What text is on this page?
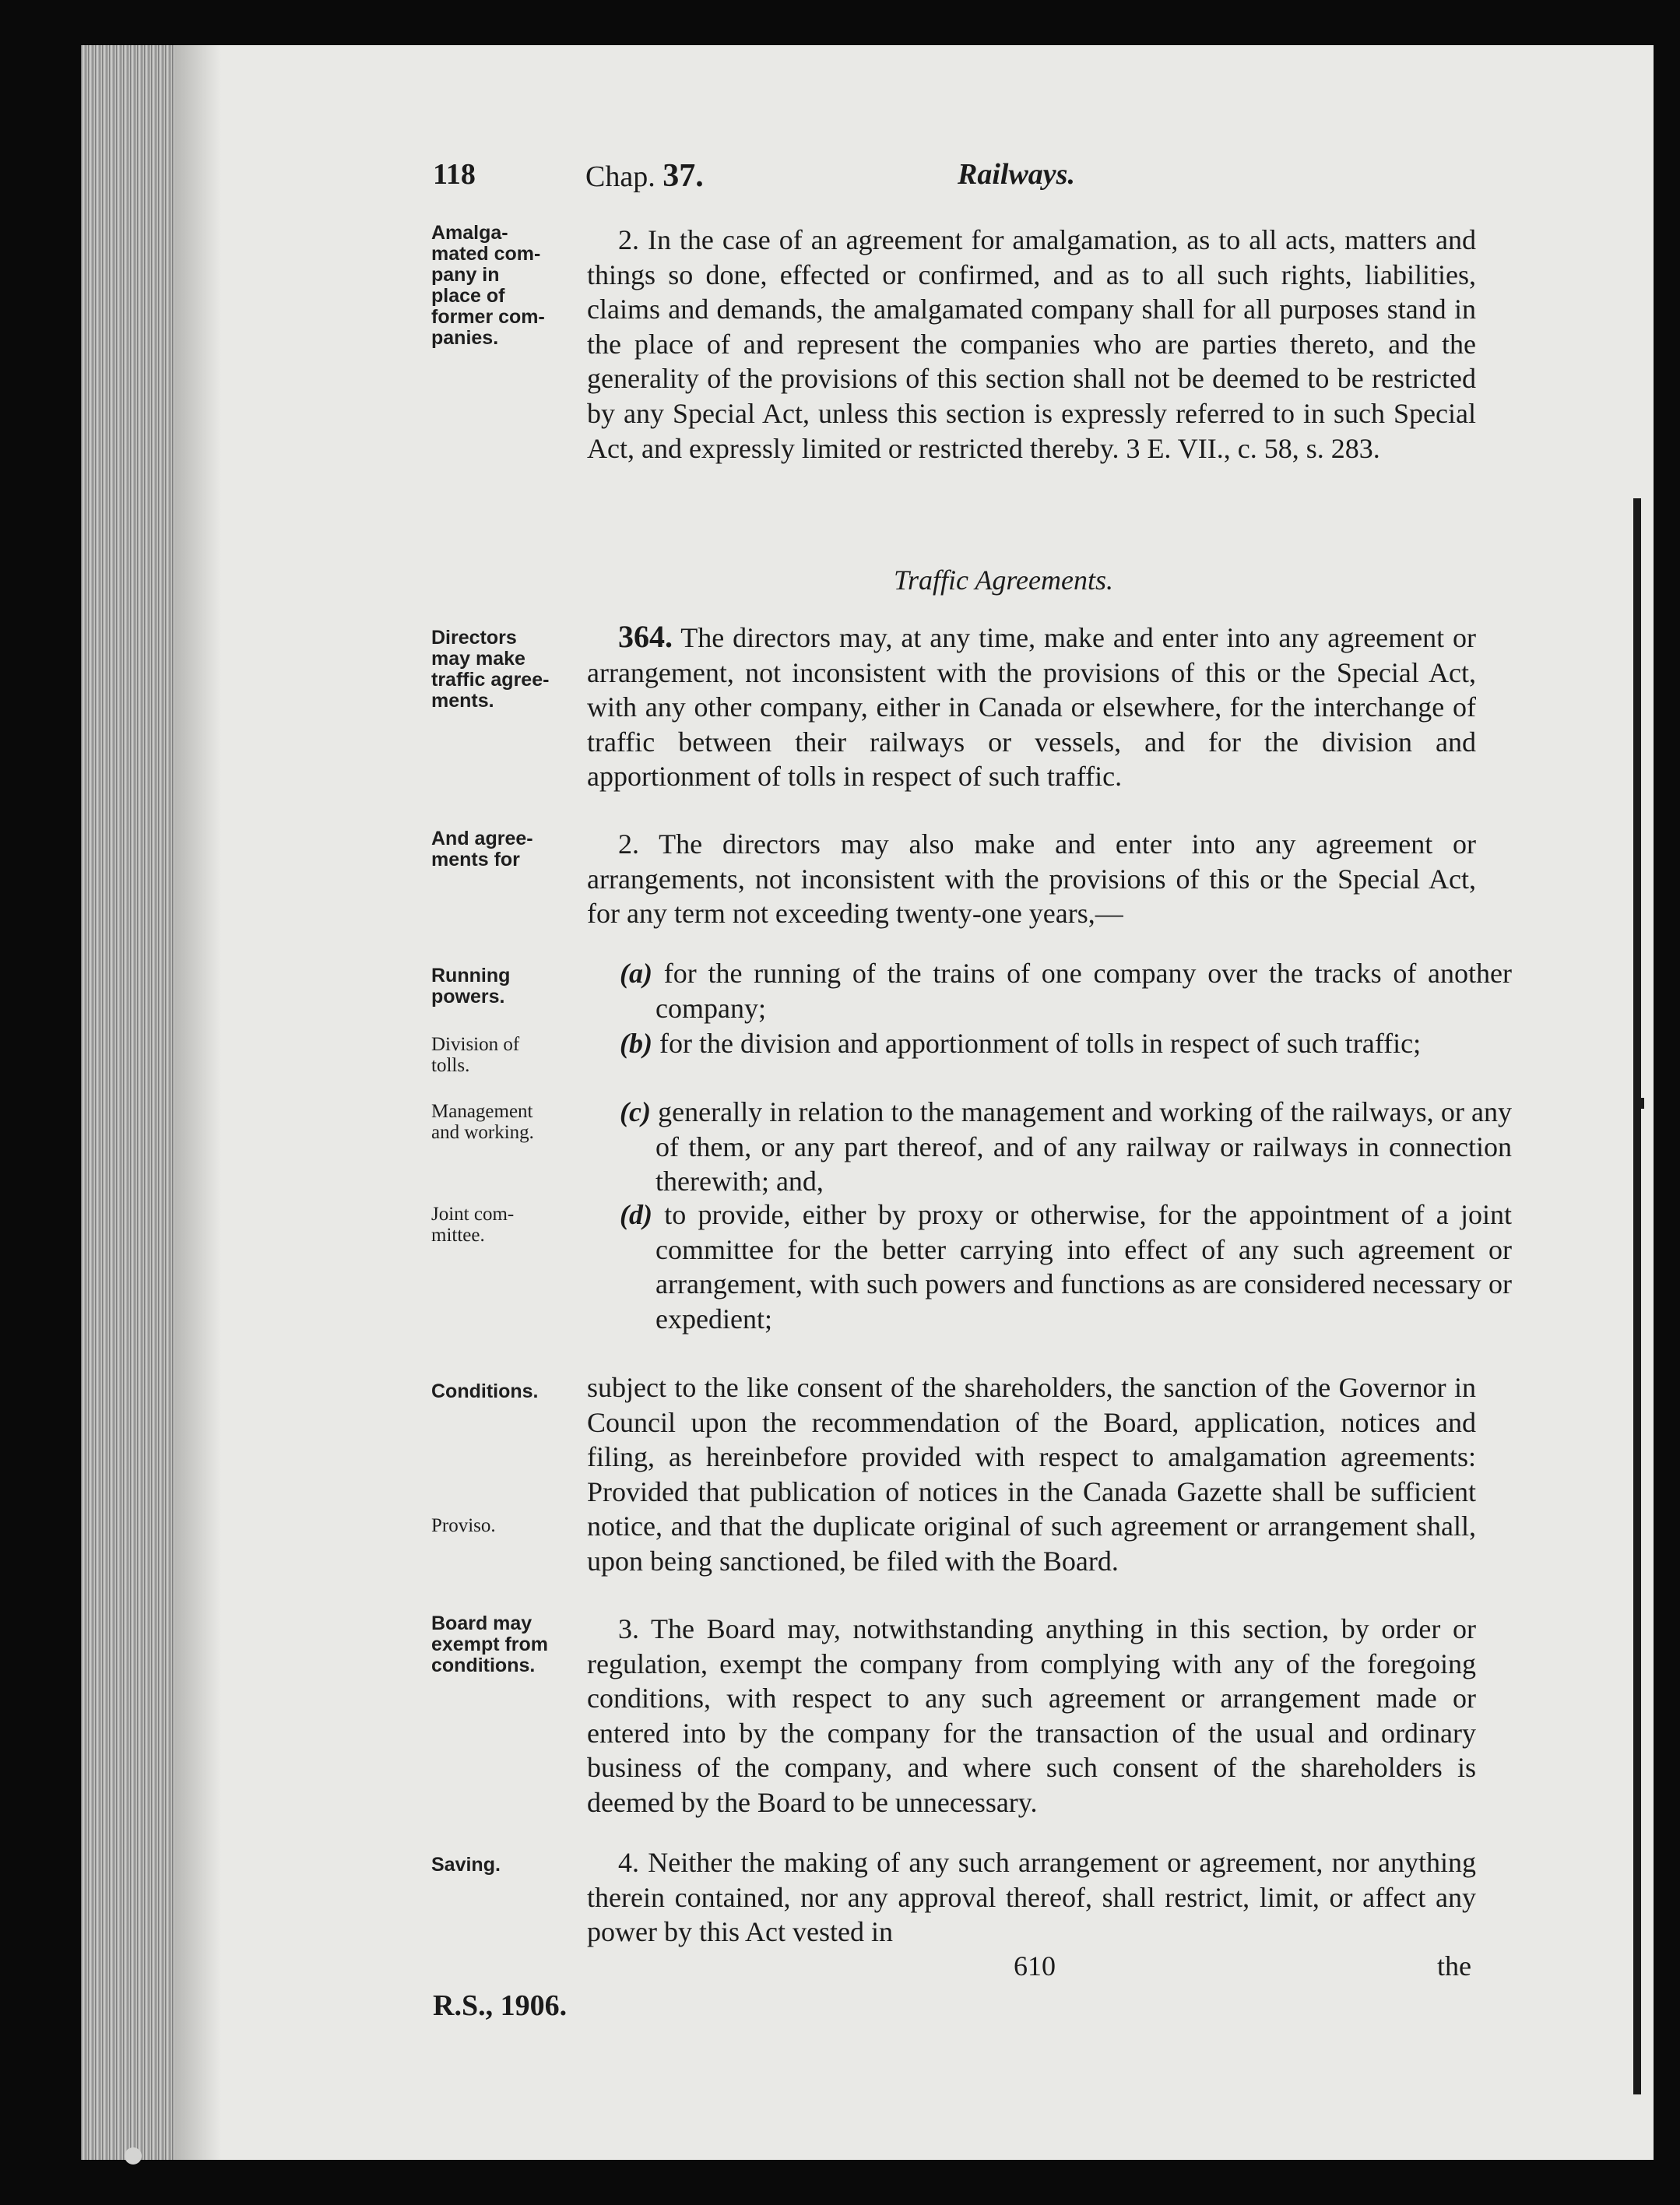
118	Chap. 37.	Railways.
Amalga-
mated com-
pany in
place of
former com-
panies.
Directors
may make
traffic agree-
ments.
And agree-
ments for
Running
powers.
Division of
tolls.
Management
and working.
Joint com-
mittee.
Conditions.
Proviso.
Board may
exempt from
conditions.
Saving.
2. In the case of an agreement for amalgamation, as to all acts, matters and things so done, effected or confirmed, and as to all such rights, liabilities, claims and demands, the amalgamated company shall for all purposes stand in the place of and represent the companies who are parties thereto, and the generality of the provisions of this section shall not be deemed to be restricted by any Special Act, unless this section is expressly referred to in such Special Act, and expressly limited or restricted thereby. 3 E. VII., c. 58, s. 283.
Traffic Agreements.
364. The directors may, at any time, make and enter into any agreement or arrangement, not inconsistent with the provisions of this or the Special Act, with any other company, either in Canada or elsewhere, for the interchange of traffic between their railways or vessels, and for the division and apportionment of tolls in respect of such traffic.
2. The directors may also make and enter into any agreement or arrangements, not inconsistent with the provisions of this or the Special Act, for any term not exceeding twenty-one years,—
(a) for the running of the trains of one company over the tracks of another company;
(b) for the division and apportionment of tolls in respect of such traffic;
(c) generally in relation to the management and working of the railways, or any of them, or any part thereof, and of any railway or railways in connection therewith; and,
(d) to provide, either by proxy or otherwise, for the appointment of a joint committee for the better carrying into effect of any such agreement or arrangement, with such powers and functions as are considered necessary or expedient;
subject to the like consent of the shareholders, the sanction of the Governor in Council upon the recommendation of the Board, application, notices and filing, as hereinbefore provided with respect to amalgamation agreements: Provided that publication of notices in the Canada Gazette shall be sufficient notice, and that the duplicate original of such agreement or arrangement shall, upon being sanctioned, be filed with the Board.
3. The Board may, notwithstanding anything in this section, by order or regulation, exempt the company from complying with any of the foregoing conditions, with respect to any such agreement or arrangement made or entered into by the company for the transaction of the usual and ordinary business of the company, and where such consent of the shareholders is deemed by the Board to be unnecessary.
4. Neither the making of any such arrangement or agreement, nor anything therein contained, nor any approval thereof, shall restrict, limit, or affect any power by this Act vested in
610	the
R.S., 1906.
